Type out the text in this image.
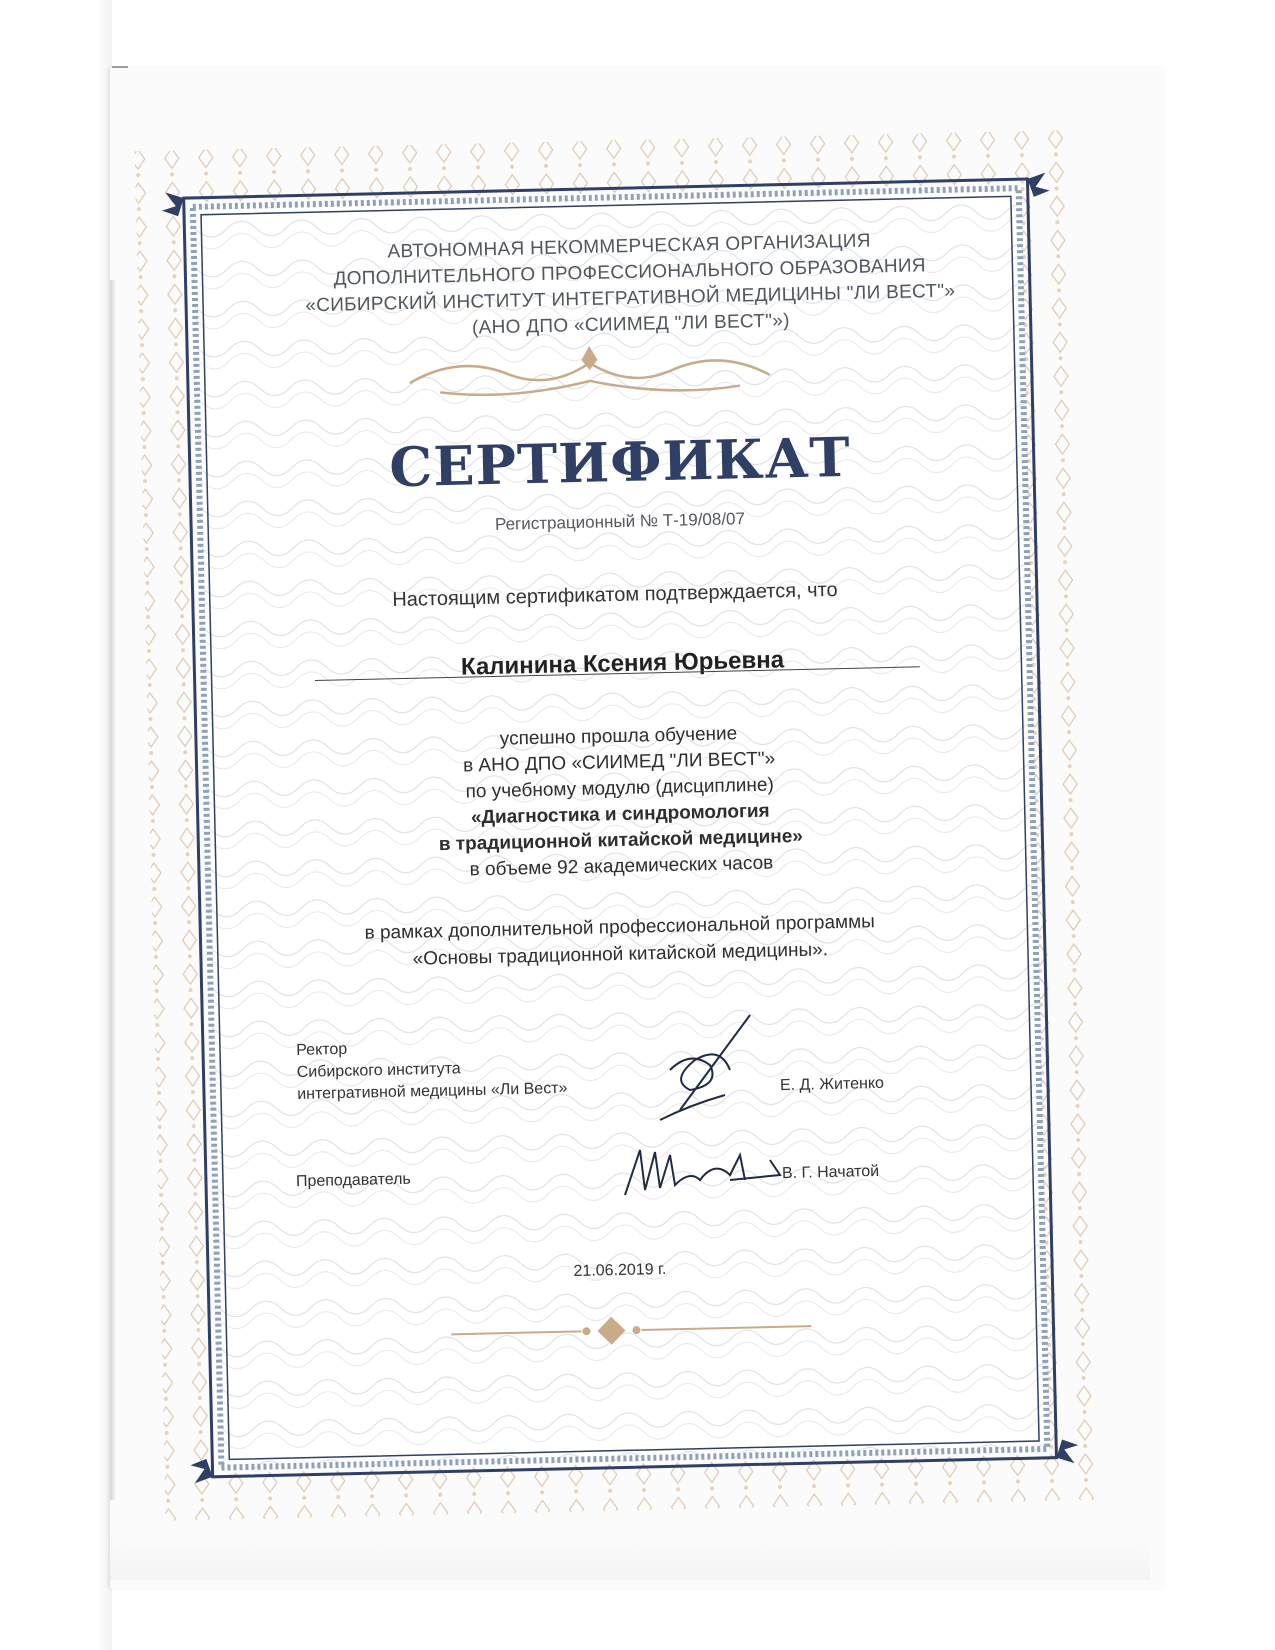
АВТОНОМНАЯ НЕКОММЕРЧЕСКАЯ ОРГАНИЗАЦИЯ
ДОПОЛНИТЕЛЬНОГО ПРОФЕССИОНАЛЬНОГО ОБРАЗОВАНИЯ
«СИБИРСКИЙ ИНСТИТУТ ИНТЕГРАТИВНОЙ МЕДИЦИНЫ "ЛИ ВЕСТ"»
(АНО ДПО «СИИМЕД "ЛИ ВЕСТ"»)
СЕРТИФИКАТ
Регистрационный № Т-19/08/07
Настоящим сертификатом подтверждается, что
Калинина Ксения Юрьевна
успешно прошла обучение
в АНО ДПО «СИИМЕД "ЛИ ВЕСТ"»
по учебному модулю (дисциплине)
«Диагностика и синдромология
в традиционной китайской медицине»
в объеме 92 академических часов
в рамках дополнительной профессиональной программы
«Основы традиционной китайской медицины».
Ректор
Сибирского института
интегративной медицины «Ли Вест»	Е. Д. Житенко
Преподаватель	В. Г. Начатой
21.06.2019 г.
